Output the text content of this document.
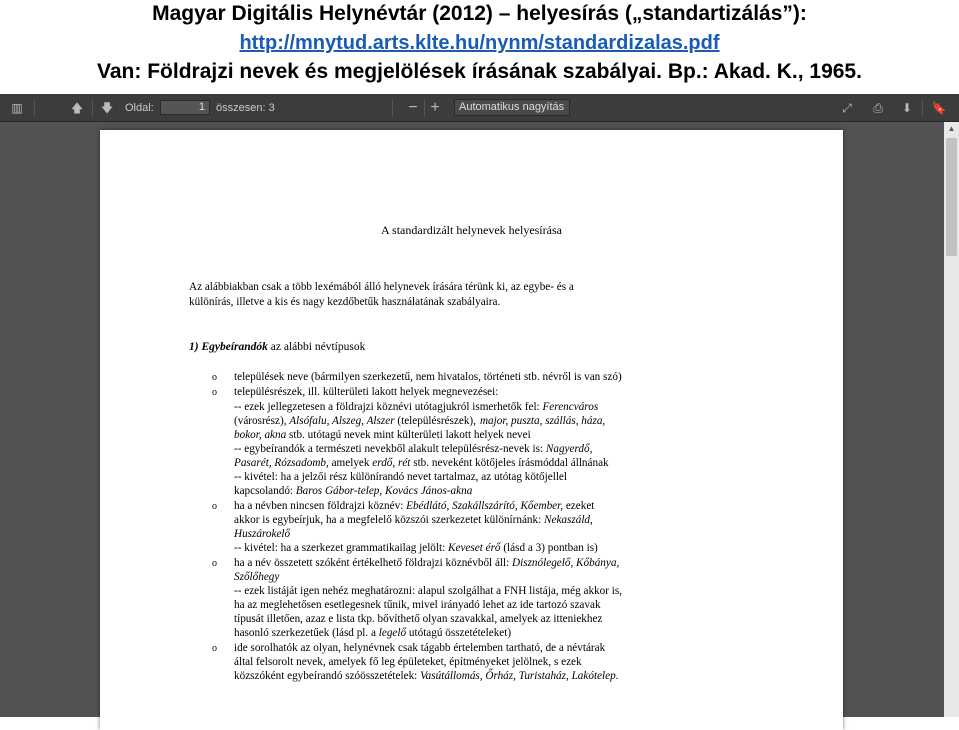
Magyar Digitális Helynévtár (2012) – helyesírás („standartizálás”):
http://mnytud.arts.klte.hu/nynm/standardizalas.pdf
Van: Földrajzi nevek és megjelölések írásának szabályai. Bp.: Akad. K., 1965.
▥	🡅 🡇 Oldal:	1	összesen: 3	− +	Automatikus nagyítás	⤢	⎙	⬇	🔖
A standardizált helynevek helyesírása
Az alábbiakban csak a több lexémából álló helynevek írására térünk ki, az egybe- és a
különírás, illetve a kis és nagy kezdőbetűk használatának szabályaira.
1) Egybeírandók az alábbi névtípusok
o települések neve (bármilyen szerkezetű, nem hivatalos, történeti stb. névről is van szó)
o településrészek, ill. külterületi lakott helyek megnevezései:
-- ezek jellegzetesen a földrajzi köznévi utótagjukról ismerhetők fel: Ferencváros
(városrész), Alsófalu, Alszeg, Alszer (településrészek), major, puszta, szállás, háza,
bokor, akna stb. utótagú nevek mint külterületi lakott helyek nevei
-- egybeírandók a természeti nevekből alakult településrész-nevek is: Nagyerdő,
Pasarét, Rózsadomb, amelyek erdő, rét stb. neveként kötőjeles írásmóddal állnának
-- kivétel: ha a jelzői rész különírandó nevet tartalmaz, az utótag kötőjellel
kapcsolandó: Baros Gábor-telep, Kovács János-akna
o ha a névben nincsen földrajzi köznév: Ebédlátó, Szakállszárító, Kőember, ezeket
akkor is egybeírjuk, ha a megfelelő közszói szerkezetet különírnánk: Nekaszáld,
Huszárokelő
-- kivétel: ha a szerkezet grammatikailag jelölt: Keveset érő (lásd a 3) pontban is)
o ha a név összetett szóként értékelhető földrajzi köznévből áll: Disznólegelő, Kőbánya,
Szőlőhegy
-- ezek listáját igen nehéz meghatározni: alapul szolgálhat a FNH listája, még akkor is,
ha az meglehetősen esetlegesnek tűnik, mivel irányadó lehet az ide tartozó szavak
típusát illetően, azaz e lista tkp. bővíthető olyan szavakkal, amelyek az itteniekhez
hasonló szerkezetűek (lásd pl. a legelő utótagú összetételeket)
o ide sorolhatók az olyan, helynévnek csak tágabb értelemben tartható, de a névtárak
által felsorolt nevek, amelyek fő leg épületeket, építményeket jelölnek, s ezek
közszóként egybeírandó szóösszetételek: Vasútállomás, Őrház, Turistaház, Lakótelep.
▲
